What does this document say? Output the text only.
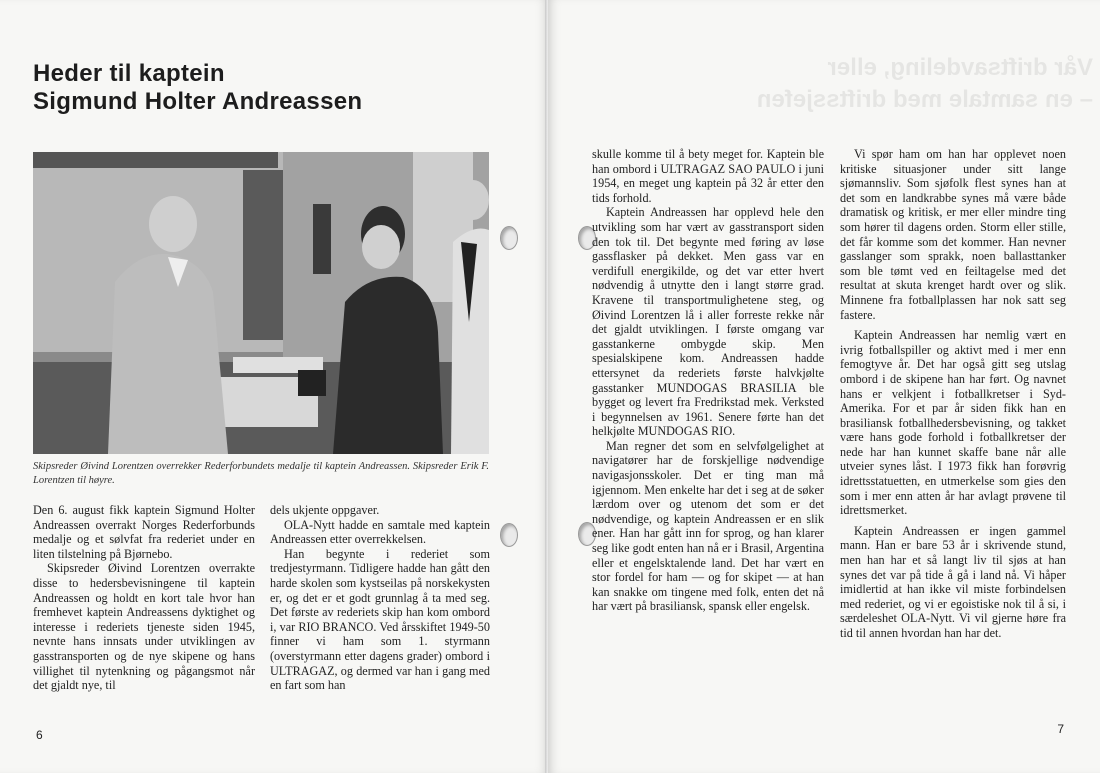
Heder til kaptein
Sigmund Holter Andreassen

Skipsreder Øivind Lorentzen overrekker Rederforbundets medalje til kaptein Andreassen. Skipsreder Erik F. Lorentzen til høyre.

Den 6. august fikk kaptein Sigmund Holter Andreassen overrakt Norges Rederforbunds medalje og et sølvfat fra rederiet under en liten tilstelning på Bjørnebo.

Skipsreder Øivind Lorentzen overrakte disse to hedersbevisningene til kaptein Andreassen og holdt en kort tale hvor han fremhevet kaptein Andreassens dyktighet og interesse i rederiets tjeneste siden 1945, nevnte hans innsats under utviklingen av gasstransporten og de nye skipene og hans villighet til nytenkning og pågangsmot når det gjaldt nye, til

dels ukjente oppgaver.

OLA-Nytt hadde en samtale med kaptein Andreassen etter overrekkelsen.

Han begynte i rederiet som tredjestyrmann. Tidligere hadde han gått den harde skolen som kystseilas på norskekysten er, og det er et godt grunnlag å ta med seg. Det første av rederiets skip han kom ombord i, var RIO BRANCO. Ved årsskiftet 1949-50 finner vi ham som 1. styrmann (overstyrmann etter dagens grader) ombord i ULTRAGAZ, og dermed var han i gang med en fart som han

6
Vår driftsavdeling, eller
– en samtale med driftssjefen

skulle komme til å bety meget for. Kaptein ble han ombord i ULTRAGAZ SAO PAULO i juni 1954, en meget ung kaptein på 32 år etter den tids forhold.

Kaptein Andreassen har opplevd hele den utvikling som har vært av gasstransport siden den tok til. Det begynte med føring av løse gassflasker på dekket. Men gass var en verdifull energikilde, og det var etter hvert nødvendig å utnytte den i langt større grad. Kravene til transportmulighetene steg, og Øivind Lorentzen lå i aller forreste rekke når det gjaldt utviklingen. I første omgang var gasstankerne ombygde skip. Men spesialskipene kom. Andreassen hadde ettersynet da rederiets første halvkjølte gasstanker MUNDOGAS BRASILIA ble bygget og levert fra Fredrikstad mek. Verksted i begynnelsen av 1961. Senere førte han det helkjølte MUNDOGAS RIO.

Man regner det som en selvfølgelighet at navigatører har de forskjellige nødvendige navigasjonsskoler. Det er ting man må igjennom. Men enkelte har det i seg at de søker lærdom over og utenom det som er det nødvendige, og kaptein Andreassen er en slik ener. Han har gått inn for sprog, og han klarer seg like godt enten han nå er i Brasil, Argentina eller et engelsktalende land. Det har vært en stor fordel for ham — og for skipet — at han kan snakke om tingene med folk, enten det nå har vært på brasiliansk, spansk eller engelsk.

Vi spør ham om han har opplevet noen kritiske situasjoner under sitt lange sjømannsliv. Som sjøfolk flest synes han at det som en landkrabbe synes må være både dramatisk og kritisk, er mer eller mindre ting som hører til dagens orden. Storm eller stille, det får komme som det kommer. Han nevner gasslanger som sprakk, noen ballasttanker som ble tømt ved en feiltagelse med det resultat at skuta krenget hardt over og slik. Minnene fra fotballplassen har nok satt seg fastere.

Kaptein Andreassen har nemlig vært en ivrig fotballspiller og aktivt med i mer enn femogtyve år. Det har også gitt seg utslag ombord i de skipene han har ført. Og navnet hans er velkjent i fotballkretser i Syd-Amerika. For et par år siden fikk han en brasiliansk fotballhedersbevisning, og takket være hans gode forhold i fotballkretser der nede har han kunnet skaffe bane når alle utveier synes låst. I 1973 fikk han forøvrig idrettsstatuetten, en utmerkelse som gies den som i mer enn atten år har avlagt prøvene til idrettsmerket.

Kaptein Andreassen er ingen gammel mann. Han er bare 53 år i skrivende stund, men han har et så langt liv til sjøs at han synes det var på tide å gå i land nå. Vi håper imidlertid at han ikke vil miste forbindelsen med rederiet, og vi er egoistiske nok til å si, i særdeleshet OLA-Nytt. Vi vil gjerne høre fra tid til annen hvordan han har det.

7
